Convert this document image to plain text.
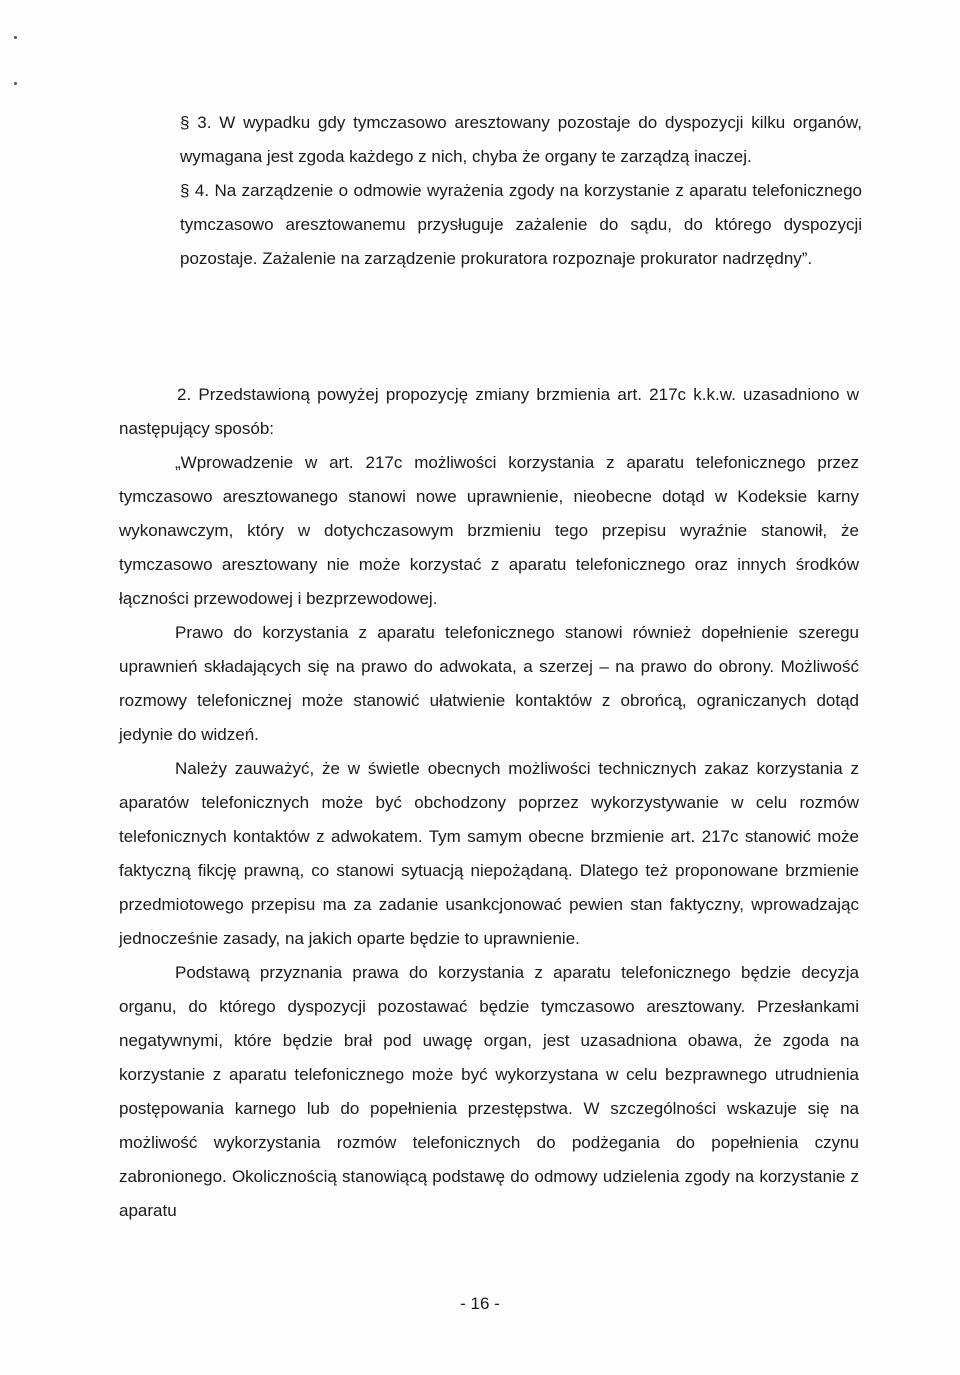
§ 3. W wypadku gdy tymczasowo aresztowany pozostaje do dyspozycji kilku organów, wymagana jest zgoda każdego z nich, chyba że organy te zarządzą inaczej.

§ 4. Na zarządzenie o odmowie wyrażenia zgody na korzystanie z aparatu telefonicznego tymczasowo aresztowanemu przysługuje zażalenie do sądu, do którego dyspozycji pozostaje. Zażalenie na zarządzenie prokuratora rozpoznaje prokurator nadrzędny”.

2. Przedstawioną powyżej propozycję zmiany brzmienia art. 217c k.k.w. uzasadniono w następujący sposób:

„Wprowadzenie w art. 217c możliwości korzystania z aparatu telefonicznego przez tymczasowo aresztowanego stanowi nowe uprawnienie, nieobecne dotąd w Kodeksie karny wykonawczym, który w dotychczasowym brzmieniu tego przepisu wyraźnie stanowił, że tymczasowo aresztowany nie może korzystać z aparatu telefonicznego oraz innych środków łączności przewodowej i bezprzewodowej.

Prawo do korzystania z aparatu telefonicznego stanowi również dopełnienie szeregu uprawnień składających się na prawo do adwokata, a szerzej – na prawo do obrony. Możliwość rozmowy telefonicznej może stanowić ułatwienie kontaktów z obrońcą, ograniczanych dotąd jedynie do widzeń.

Należy zauważyć, że w świetle obecnych możliwości technicznych zakaz korzystania z aparatów telefonicznych może być obchodzony poprzez wykorzystywanie w celu rozmów telefonicznych kontaktów z adwokatem. Tym samym obecne brzmienie art. 217c stanowić może faktyczną fikcję prawną, co stanowi sytuacją niepożądaną. Dlatego też proponowane brzmienie przedmiotowego przepisu ma za zadanie usankcjonować pewien stan faktyczny, wprowadzając jednocześnie zasady, na jakich oparte będzie to uprawnienie.

Podstawą przyznania prawa do korzystania z aparatu telefonicznego będzie decyzja organu, do którego dyspozycji pozostawać będzie tymczasowo aresztowany. Przesłankami negatywnymi, które będzie brał pod uwagę organ, jest uzasadniona obawa, że zgoda na korzystanie z aparatu telefonicznego może być wykorzystana w celu bezprawnego utrudnienia postępowania karnego lub do popełnienia przestępstwa. W szczególności wskazuje się na możliwość wykorzystania rozmów telefonicznych do podżegania do popełnienia czynu zabronionego. Okolicznością stanowiącą podstawę do odmowy udzielenia zgody na korzystanie z aparatu

- 16 -
